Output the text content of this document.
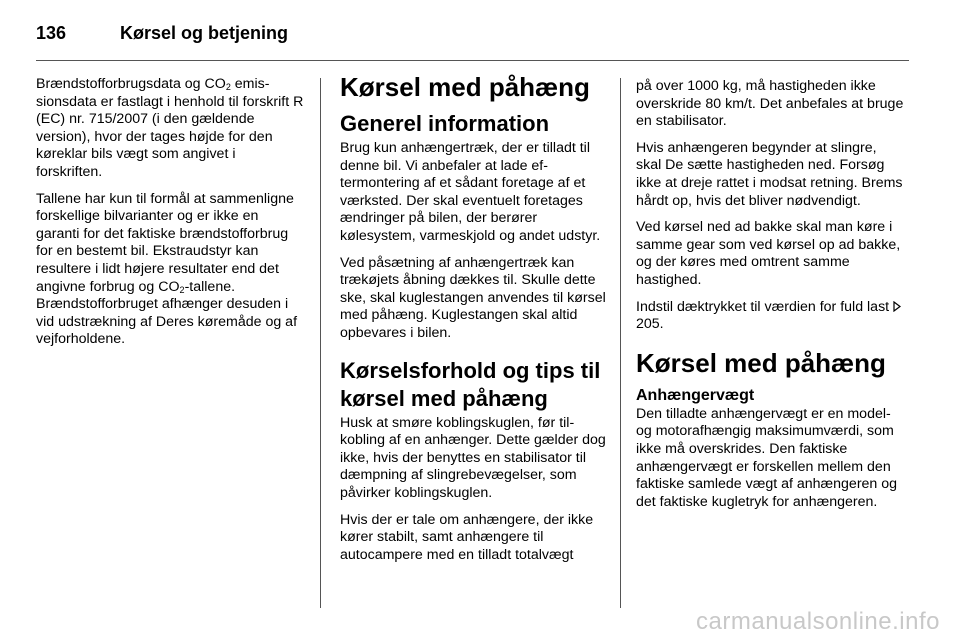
136	Kørsel og betjening

Brændstofforbrugsdata og $CO_2$ emissionsdata er fastlagt i henhold til forskrift R (EC) nr. 715/2007 (i den gældende version), hvor der tages højde for den køreklar bils vægt som angivet i forskriften.

Tallene har kun til formål at sammenligne forskellige bilvarianter og er ikke en garanti for det faktiske brændstofforbrug for en bestemt bil. Ekstraudstyr kan resultere i lidt højere resultater end det angivne forbrug og $CO_2$-tallene. Brændstofforbruget afhænger desuden i vid udstrækning af Deres køremåde og af vejforholdene.

Kørsel med påhæng
Generel information

Brug kun anhængertræk, der er tilladt til denne bil. Vi anbefaler at lade eftermontering af et sådant foretage af et værksted. Der skal eventuelt foretages ændringer på bilen, der berører kølesystem, varmeskjold og andet udstyr.

Ved påsætning af anhængertræk kan trækøjets åbning dækkes til. Skulle dette ske, skal kuglestangen anvendes til kørsel med påhæng. Kuglestangen skal altid opbevares i bilen.

Kørselsforhold og tips til kørsel med påhæng

Husk at smøre koblingskuglen, før tilkobling af en anhænger. Dette gælder dog ikke, hvis der benyttes en stabilisator til dæmpning af slingrebevægelser, som påvirker koblingskuglen.

Hvis der er tale om anhængere, der ikke kører stabilt, samt anhængere til autocampere med en tilladt totalvægt

på over 1000 kg, må hastigheden ikke overskride 80 km/t. Det anbefales at bruge en stabilisator.

Hvis anhængeren begynder at slingre, skal De sætte hastigheden ned. Forsøg ikke at dreje rattet i modsat retning. Brems hårdt op, hvis det bliver nødvendigt.

Ved kørsel ned ad bakke skal man køre i samme gear som ved kørsel op ad bakke, og der køres med omtrent samme hastighed.

Indstil dæktrykket til værdien for fuld last  205.

Kørsel med påhæng
Anhængervægt

Den tilladte anhængervægt er en model- og motorafhængig maksimumværdi, som ikke må overskrides. Den faktiske anhængervægt er forskellen mellem den faktiske samlede vægt af anhængeren og det faktiske kugletryk for anhængeren.

carmanualsonline.info
